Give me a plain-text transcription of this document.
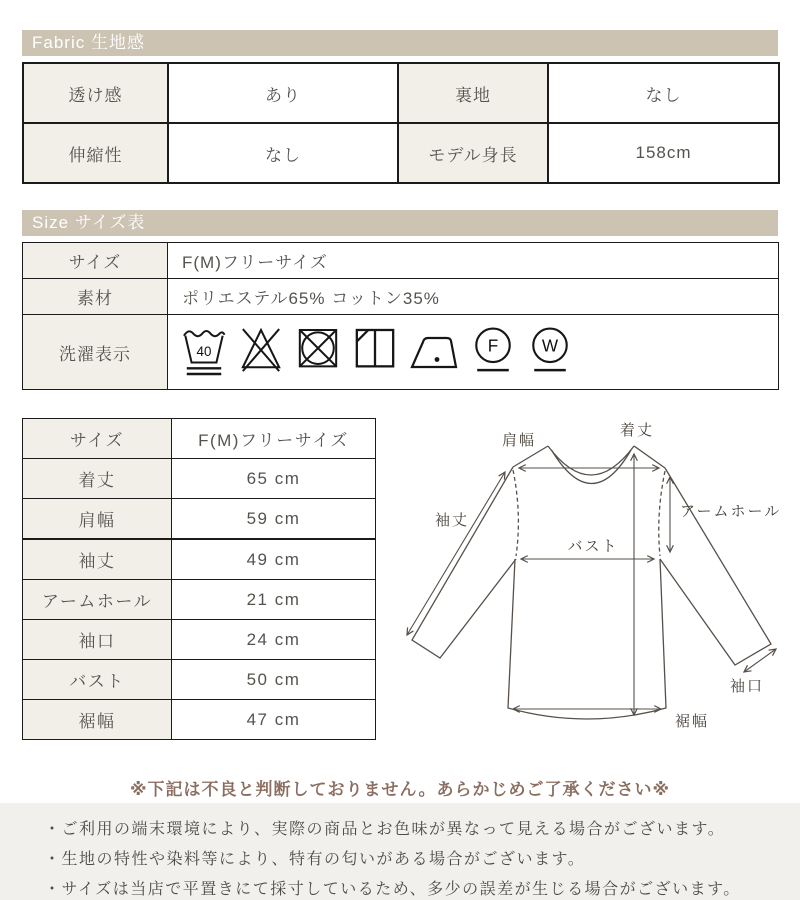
Fabric 生地感
透け感	あり	裏地	なし
伸縮性	なし	モデル身長	158cm
Size サイズ表
サイズ	F(M)フリーサイズ
素材	ポリエステル65% コットン35%
洗濯表示	40 F W
サイズ	F(M)フリーサイズ
着丈	65 cm
肩幅	59 cm
袖丈	49 cm
アームホール	21 cm
袖口	24 cm
バスト	50 cm
裾幅	47 cm
着丈
肩幅
袖丈
アームホール
バスト
袖口
裾幅
※下記は不良と判断しておりません。あらかじめご了承ください※

・ご利用の端末環境により、実際の商品とお色味が異なって見える場合がございます。

・生地の特性や染料等により、特有の匂いがある場合がございます。

・サイズは当店で平置きにて採寸しているため、多少の誤差が生じる場合がございます。
